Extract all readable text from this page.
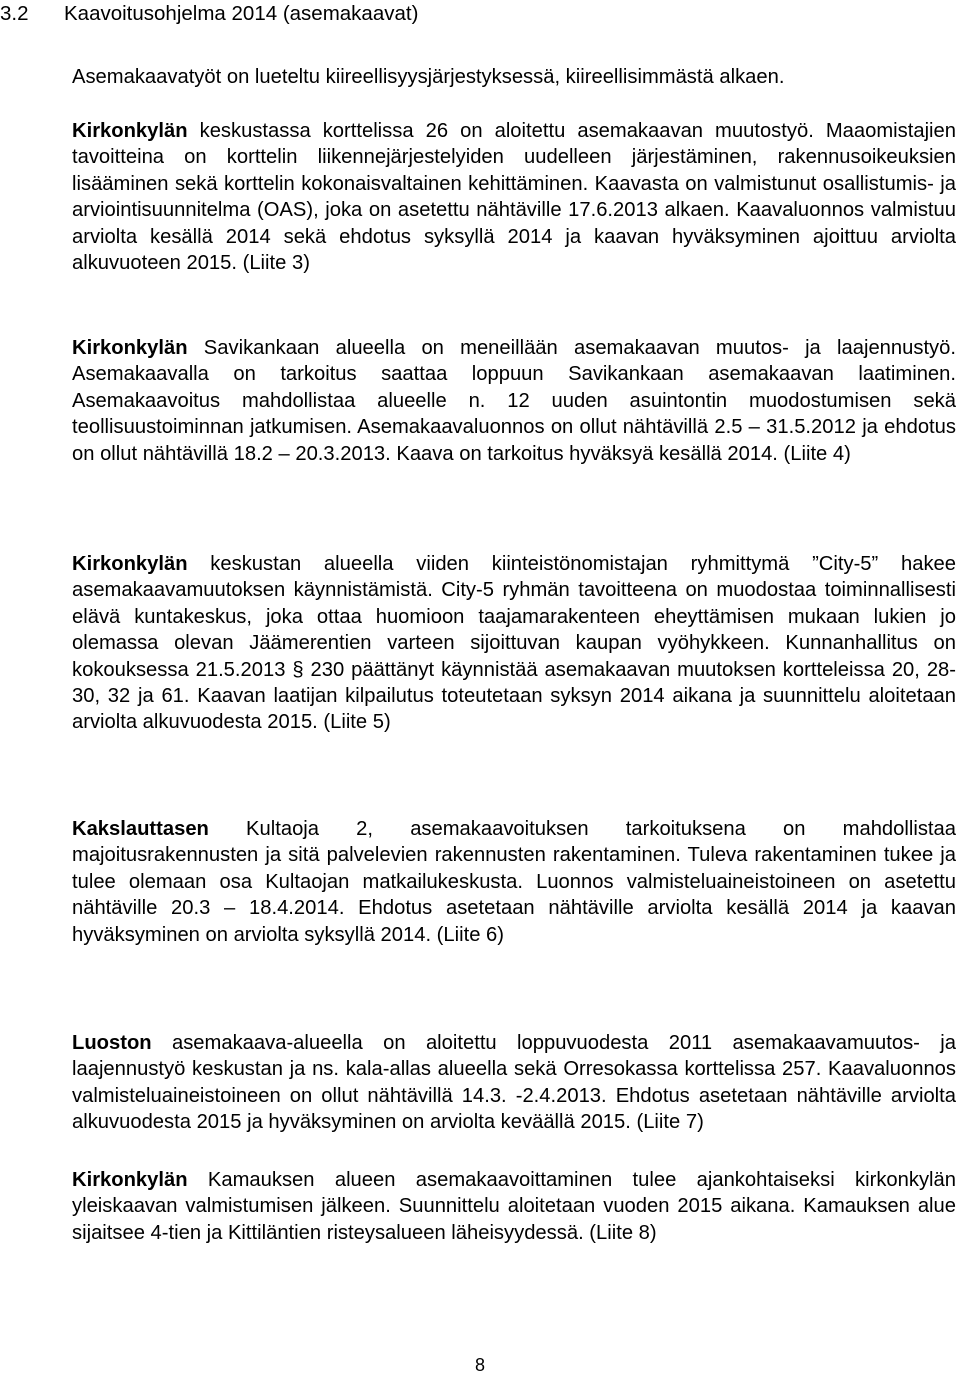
3.2 Kaavoitusohjelma 2014 (asemakaavat)

Asemakaavatyöt on lueteltu kiireellisyysjärjestyksessä, kiireellisimmästä alkaen.

Kirkonkylän keskustassa korttelissa 26 on aloitettu asemakaavan muutostyö. Maaomistajien tavoitteina on korttelin liikennejärjestelyiden uudelleen järjestäminen, rakennusoikeuksien lisääminen sekä korttelin kokonaisvaltainen kehittäminen. Kaavasta on valmistunut osallistumis- ja arviointisuunnitelma (OAS), joka on asetettu nähtäville 17.6.2013 alkaen. Kaavaluonnos valmistuu arviolta kesällä 2014 sekä ehdotus syksyllä 2014 ja kaavan hyväksyminen ajoittuu arviolta alkuvuoteen 2015. (Liite 3)

Kirkonkylän Savikankaan alueella on meneillään asemakaavan muutos- ja laajennustyö. Asemakaavalla on tarkoitus saattaa loppuun Savikankaan asemakaavan laatiminen. Asemakaavoitus mahdollistaa alueelle n. 12 uuden asuintontin muodostumisen sekä teollisuustoiminnan jatkumisen. Asemakaavaluonnos on ollut nähtävillä 2.5 – 31.5.2012 ja ehdotus on ollut nähtävillä 18.2 – 20.3.2013. Kaava on tarkoitus hyväksyä kesällä 2014. (Liite 4)

Kirkonkylän keskustan alueella viiden kiinteistönomistajan ryhmittymä ”City-5” hakee asemakaavamuutoksen käynnistämistä. City-5 ryhmän tavoitteena on muodostaa toiminnallisesti elävä kuntakeskus, joka ottaa huomioon taajamarakenteen eheyttämisen mukaan lukien jo olemassa olevan Jäämerentien varteen sijoittuvan kaupan vyöhykkeen. Kunnanhallitus on kokouksessa 21.5.2013 § 230 päättänyt käynnistää asemakaavan muutoksen kortteleissa 20, 28-30, 32 ja 61. Kaavan laatijan kilpailutus toteutetaan syksyn 2014 aikana ja suunnittelu aloitetaan arviolta alkuvuodesta 2015. (Liite 5)

Kakslauttasen Kultaoja 2, asemakaavoituksen tarkoituksena on mahdollistaa majoitusrakennusten ja sitä palvelevien rakennusten rakentaminen. Tuleva rakentaminen tukee ja tulee olemaan osa Kultaojan matkailukeskusta. Luonnos valmisteluaineistoineen on asetettu nähtäville 20.3 – 18.4.2014. Ehdotus asetetaan nähtäville arviolta kesällä 2014 ja kaavan hyväksyminen on arviolta syksyllä 2014. (Liite 6)

Luoston asemakaava-alueella on aloitettu loppuvuodesta 2011 asemakaavamuutos- ja laajennustyö keskustan ja ns. kala-allas alueella sekä Orresokassa korttelissa 257. Kaavaluonnos valmisteluaineistoineen on ollut nähtävillä 14.3. -2.4.2013. Ehdotus asetetaan nähtäville arviolta alkuvuodesta 2015 ja hyväksyminen on arviolta keväällä 2015. (Liite 7)

Kirkonkylän Kamauksen alueen asemakaavoittaminen tulee ajankohtaiseksi kirkonkylän yleiskaavan valmistumisen jälkeen. Suunnittelu aloitetaan vuoden 2015 aikana. Kamauksen alue sijaitsee 4-tien ja Kittiläntien risteysalueen läheisyydessä. (Liite 8)

8
